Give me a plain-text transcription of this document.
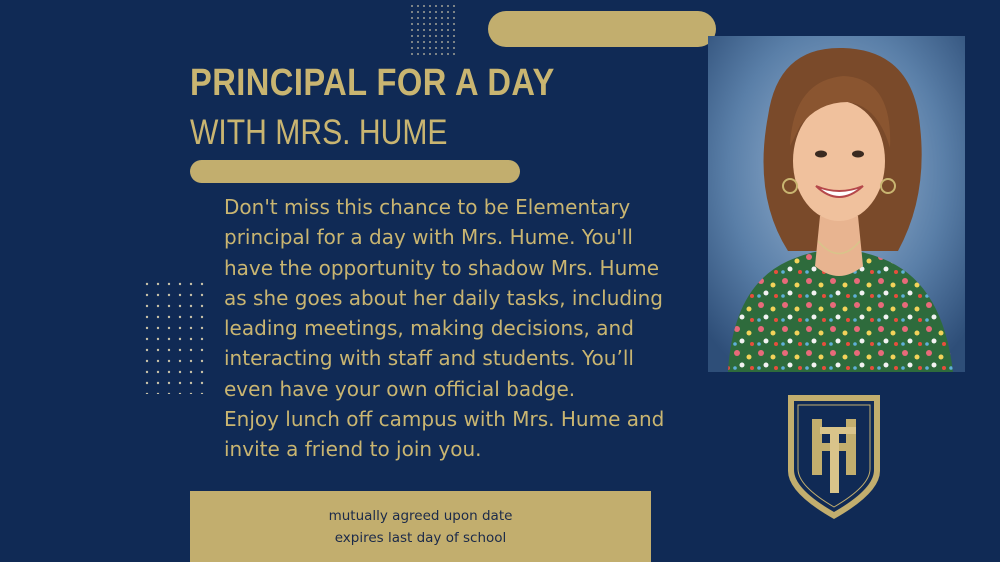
PRINCIPAL FOR A DAY
WITH MRS. HUME

Don't miss this chance to be Elementary principal for a day with Mrs. Hume. You'll have the opportunity to shadow Mrs. Hume as she goes about her daily tasks, including leading meetings, making decisions, and interacting with staff and students. You’ll even have your own official badge.

Enjoy lunch off campus with Mrs. Hume and invite a friend to join you.

mutually agreed upon date
expires last day of school
